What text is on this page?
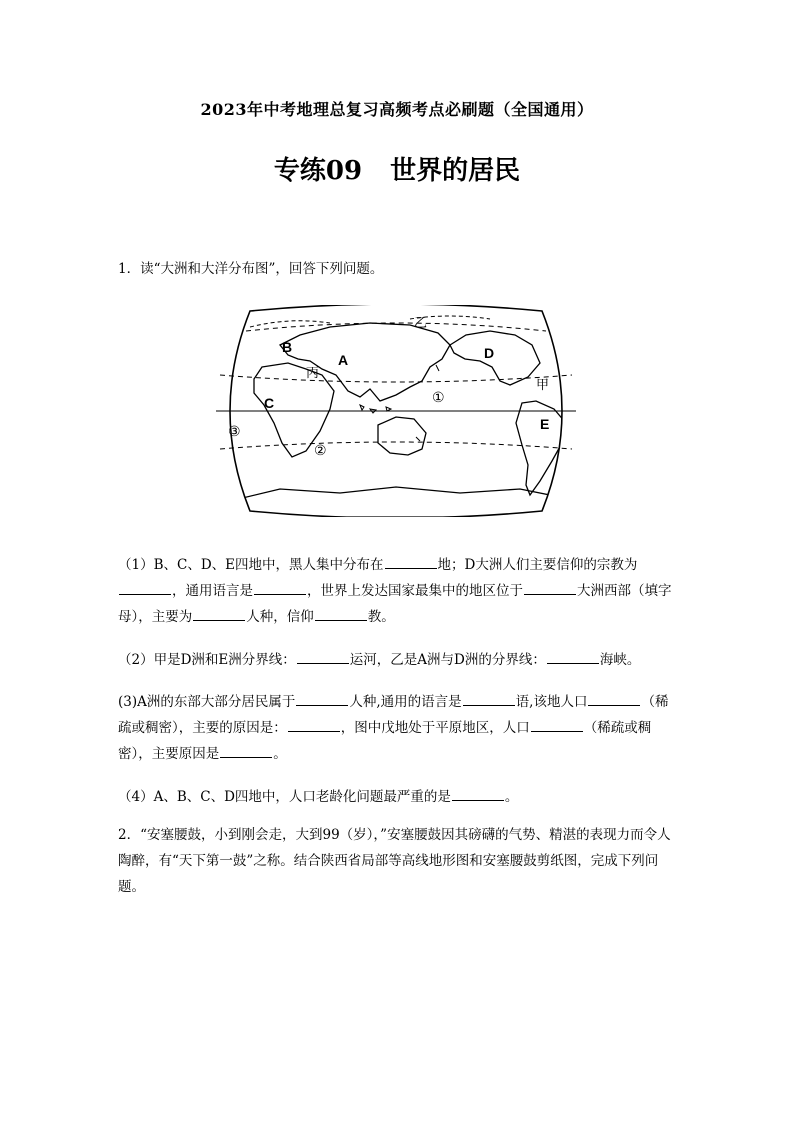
2023年中考地理总复习高频考点必刷题（全国通用）
专练09 世界的居民
1．读“大洲和大洋分布图”，回答下列问题。
B
A	D
C
E
乙
甲
丙
①
②
③
（1）B、C、D、E四地中，黑人集中分布在	地；D大洲人们主要信仰的宗教为，通用语言是	，世界上发达国家最集中的地区位于	大洲西部（填字母），主要为	人种，信仰	教。
（2）甲是D洲和E洲分界线：	运河，乙是A洲与D洲的分界线：	海峡。
(3)A洲的东部大部分居民属于	人种,通用的语言是	语,该地人口	（稀疏或稠密），主要的原因是：	，图中戊地处于平原地区，人口	（稀疏或稠密），主要原因是	。
（4）A、B、C、D四地中，人口老龄化问题最严重的是	。
2．“安塞腰鼓，小到刚会走，大到99（岁），”安塞腰鼓因其磅礴的气势、精湛的表现力而令人陶醉，有“天下第一鼓”之称。结合陕西省局部等高线地形图和安塞腰鼓剪纸图，完成下列问题。
